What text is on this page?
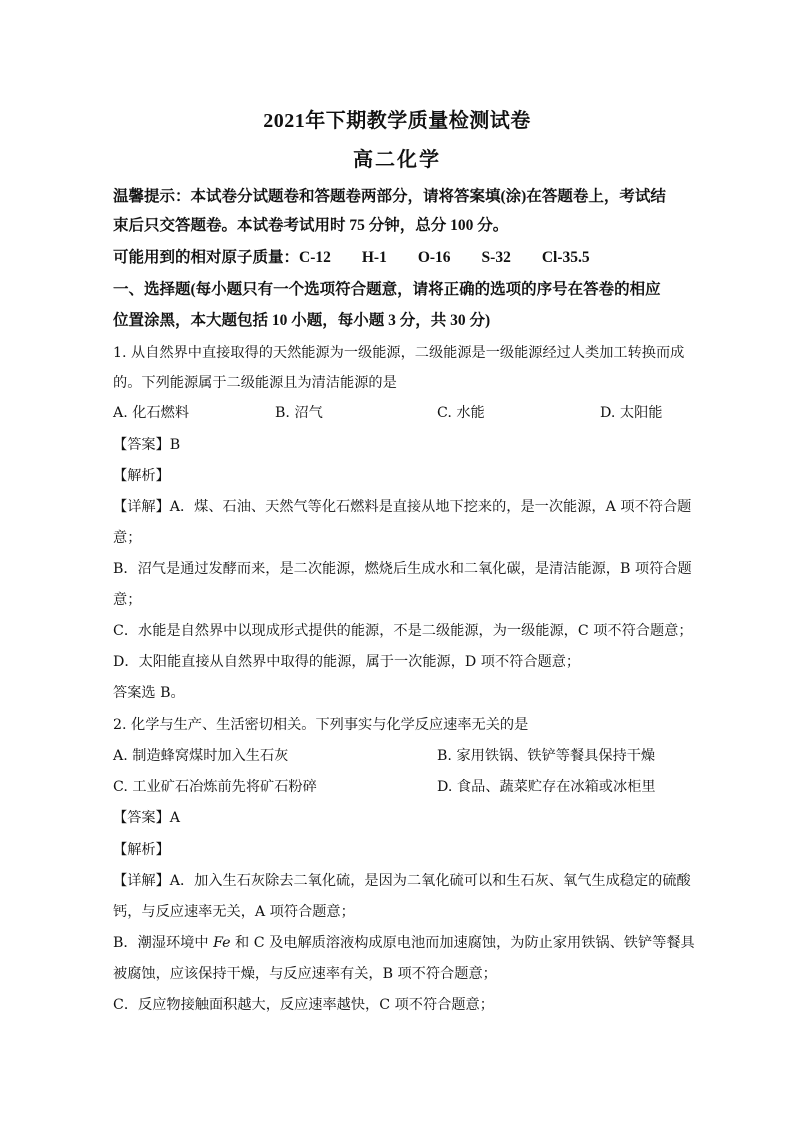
2021年下期教学质量检测试卷
高二化学
温馨提示：本试卷分试题卷和答题卷两部分，请将答案填(涂)在答题卷上，考试结
束后只交答题卷。本试卷考试用时 75 分钟，总分 100 分。
可能用到的相对原子质量：C-12　　H-1　　O-16　　S-32　　Cl-35.5
一、选择题(每小题只有一个选项符合题意，请将正确的选项的序号在答卷的相应
位置涂黑，本大题包括 10 小题，每小题 3 分，共 30 分)
1. 从自然界中直接取得的天然能源为一级能源，二级能源是一级能源经过人类加工转换而成
的。下列能源属于二级能源且为清洁能源的是
A. 化石燃料	B. 沼气	C. 水能	D. 太阳能
【答案】B
【解析】
【详解】A．煤、石油、天然气等化石燃料是直接从地下挖来的，是一次能源，A 项不符合题
意；
B．沼气是通过发酵而来，是二次能源，燃烧后生成水和二氧化碳，是清洁能源，B 项符合题
意；
C．水能是自然界中以现成形式提供的能源，不是二级能源，为一级能源，C 项不符合题意；
D．太阳能直接从自然界中取得的能源，属于一次能源，D 项不符合题意；
答案选 B。
2. 化学与生产、生活密切相关。下列事实与化学反应速率无关的是
A. 制造蜂窝煤时加入生石灰	B. 家用铁锅、铁铲等餐具保持干燥
C. 工业矿石冶炼前先将矿石粉碎	D. 食品、蔬菜贮存在冰箱或冰柜里
【答案】A
【解析】
【详解】A．加入生石灰除去二氧化硫，是因为二氧化硫可以和生石灰、氧气生成稳定的硫酸
钙，与反应速率无关，A 项符合题意；
B．潮湿环境中 Fe 和 C 及电解质溶液构成原电池而加速腐蚀，为防止家用铁锅、铁铲等餐具
被腐蚀，应该保持干燥，与反应速率有关，B 项不符合题意；
C．反应物接触面积越大，反应速率越快，C 项不符合题意；
